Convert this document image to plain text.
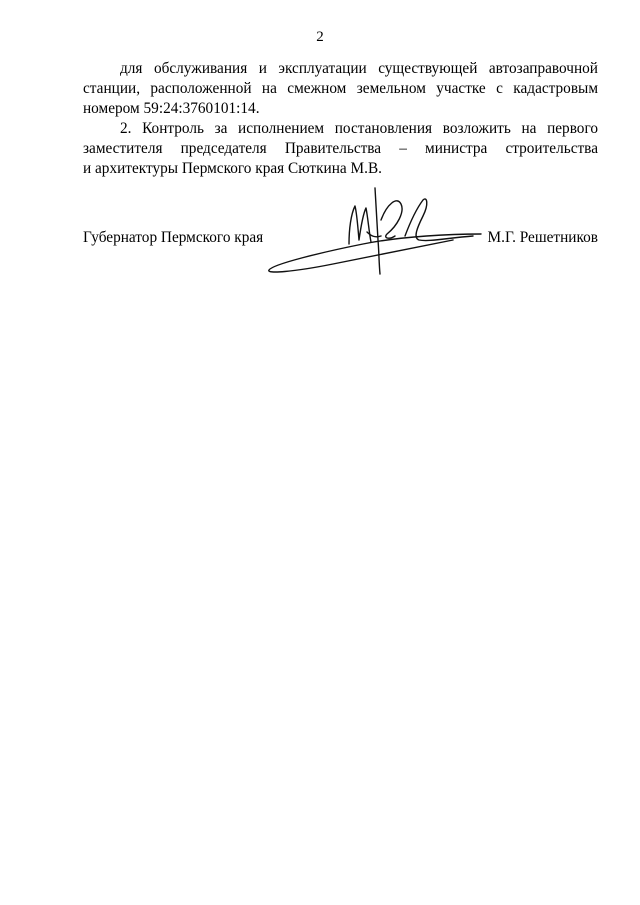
2

для обслуживания и эксплуатации существующей автозаправочной
станции, расположенной на смежном земельном участке с кадастровым
номером 59:24:3760101:14.

2. Контроль за исполнением постановления возложить на первого
заместителя председателя Правительства – министра строительства
и архитектуры Пермского края Сюткина М.В.

Губернатор Пермского края	М.Г. Решетников
